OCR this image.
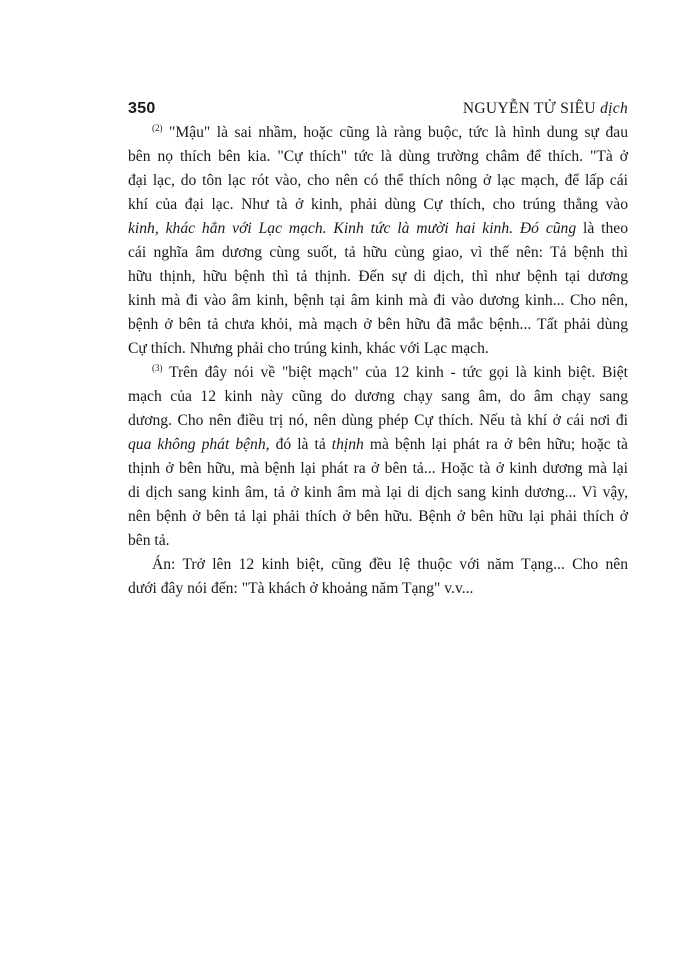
350	NGUYỄN TỬ SIÊU dịch
$^{(2)}$ "Mậu" là sai nhầm, hoặc cũng là ràng buộc, tức là hình dung sự đau
bên nọ thích bên kia. "Cự thích" tức là dùng trường châm để thích. "Tà ở
đại lạc, do tôn lạc rót vào, cho nên có thể thích nông ở lạc mạch, để lấp cái
khí của đại lạc. Như tà ở kinh, phải dùng Cự thích, cho trúng thẳng vào
kinh, khác hẳn với Lạc mạch. Kinh tức là mười hai kinh. Đó cũng là theo
cái nghĩa âm dương cùng suốt, tả hữu cùng giao, vì thế nên: Tả bệnh thì
hữu thịnh, hữu bệnh thì tả thịnh. Đến sự di dịch, thì như bệnh tại dương
kinh mà đi vào âm kinh, bệnh tại âm kinh mà đi vào dương kinh... Cho nên,
bệnh ở bên tả chưa khỏi, mà mạch ở bên hữu đã mắc bệnh... Tất phải dùng
Cự thích. Nhưng phải cho trúng kinh, khác với Lạc mạch.
$^{(3)}$ Trên đây nói về "biệt mạch" của 12 kinh - tức gọi là kinh biệt. Biệt
mạch của 12 kinh này cũng do dương chạy sang âm, do âm chạy sang
dương. Cho nên điều trị nó, nên dùng phép Cự thích. Nếu tà khí ở cái nơi đi
qua không phát bệnh, đó là tả thịnh mà bệnh lại phát ra ở bên hữu; hoặc tà
thịnh ở bên hữu, mà bệnh lại phát ra ở bên tả... Hoặc tà ở kinh dương mà lại
di dịch sang kinh âm, tả ở kinh âm mà lại di dịch sang kinh dương... Vì vậy,
nên bệnh ở bên tả lại phải thích ở bên hữu. Bệnh ở bên hữu lại phải thích ở
bên tả.
Án: Trở lên 12 kinh biệt, cũng đều lệ thuộc với năm Tạng... Cho nên
dưới đây nói đến: "Tà khách ở khoảng năm Tạng" v.v...
